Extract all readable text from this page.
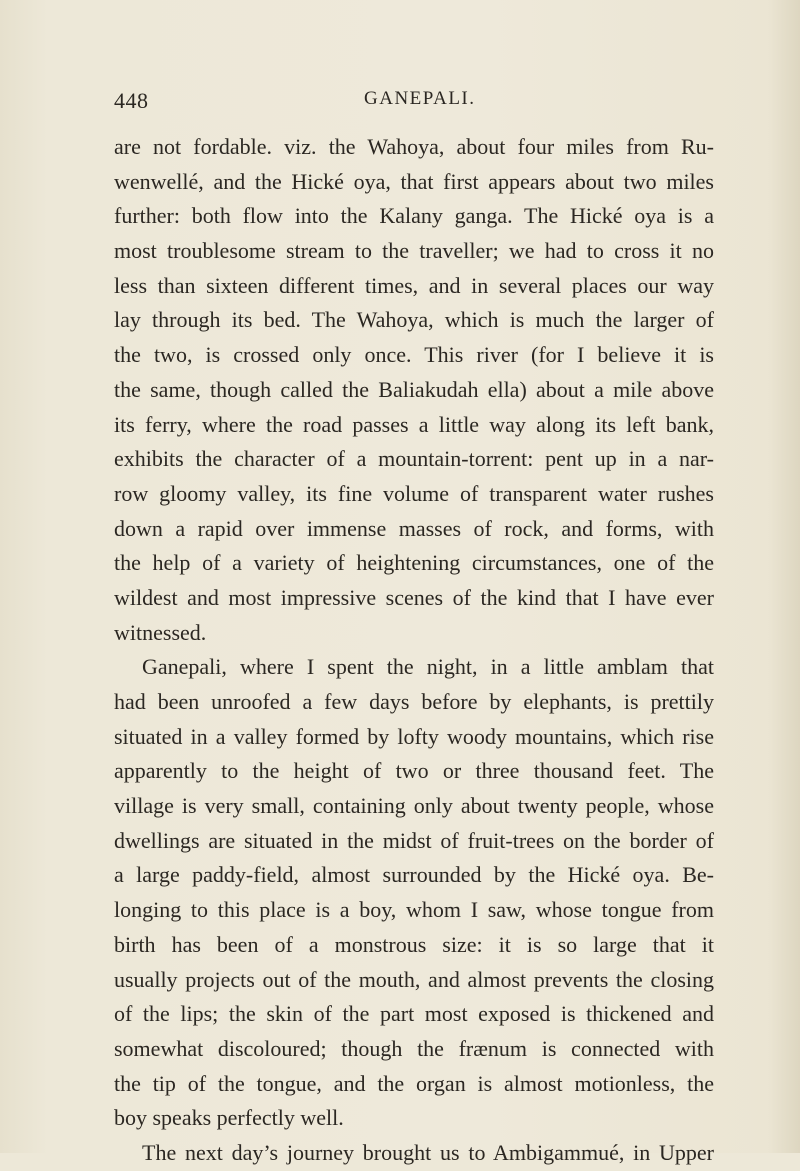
448	GANEPALI.

are not fordable. viz. the Wahoya, about four miles from Ru-
wenwellé, and the Hické oya, that first appears about two miles
further: both flow into the Kalany ganga. The Hické oya is a
most troublesome stream to the traveller; we had to cross it no
less than sixteen different times, and in several places our way
lay through its bed. The Wahoya, which is much the larger of
the two, is crossed only once. This river (for I believe it is
the same, though called the Baliakudah ella) about a mile above
its ferry, where the road passes a little way along its left bank,
exhibits the character of a mountain-torrent: pent up in a nar-
row gloomy valley, its fine volume of transparent water rushes
down a rapid over immense masses of rock, and forms, with
the help of a variety of heightening circumstances, one of the
wildest and most impressive scenes of the kind that I have ever
witnessed.

Ganepali, where I spent the night, in a little amblam that
had been unroofed a few days before by elephants, is prettily
situated in a valley formed by lofty woody mountains, which rise
apparently to the height of two or three thousand feet. The
village is very small, containing only about twenty people, whose
dwellings are situated in the midst of fruit-trees on the border of
a large paddy-field, almost surrounded by the Hické oya. Be-
longing to this place is a boy, whom I saw, whose tongue from
birth has been of a monstrous size: it is so large that it
usually projects out of the mouth, and almost prevents the closing
of the lips; the skin of the part most exposed is thickened and
somewhat discoloured; though the frænum is connected with
the tip of the tongue, and the organ is almost motionless, the
boy speaks perfectly well.

The next day’s journey brought us to Ambigammué, in Upper
